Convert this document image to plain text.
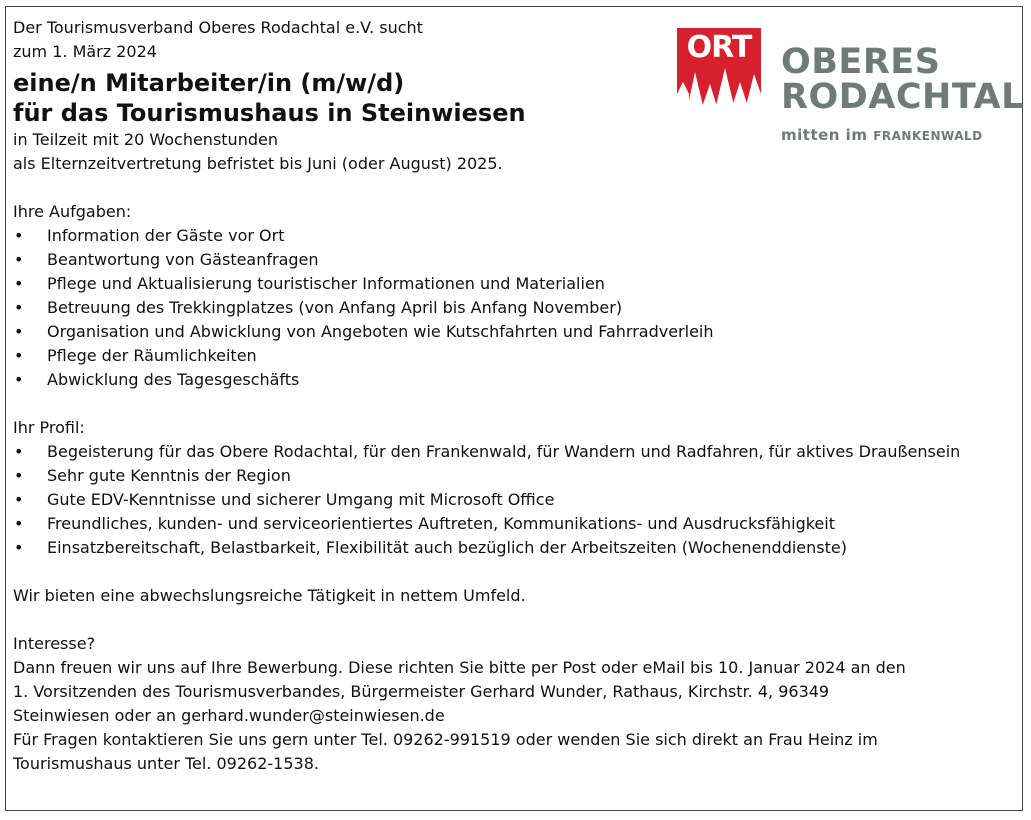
ORT OBERES
RODACHTAL
mitten im FRANKENWALD

Der Tourismusverband Oberes Rodachtal e.V. sucht

zum 1. März 2024

eine/n Mitarbeiter/in (m/w/d)
für das Tourismushaus in Steinwiesen

in Teilzeit mit 20 Wochenstunden

als Elternzeitvertretung befristet bis Juni (oder August) 2025.

Ihre Aufgaben:

• Information der Gäste vor Ort
• Beantwortung von Gästeanfragen
• Pflege und Aktualisierung touristischer Informationen und Materialien
• Betreuung des Trekkingplatzes (von Anfang April bis Anfang November)
• Organisation und Abwicklung von Angeboten wie Kutschfahrten und Fahrradverleih
• Pflege der Räumlichkeiten
• Abwicklung des Tagesgeschäfts

Ihr Profil:

• Begeisterung für das Obere Rodachtal, für den Frankenwald, für Wandern und Radfahren, für aktives Draußensein
• Sehr gute Kenntnis der Region
• Gute EDV-Kenntnisse und sicherer Umgang mit Microsoft Office
• Freundliches, kunden- und serviceorientiertes Auftreten, Kommunikations- und Ausdrucksfähigkeit
• Einsatzbereitschaft, Belastbarkeit, Flexibilität auch bezüglich der Arbeitszeiten (Wochenenddienste)

Wir bieten eine abwechslungsreiche Tätigkeit in nettem Umfeld.

Interesse?

Dann freuen wir uns auf Ihre Bewerbung. Diese richten Sie bitte per Post oder eMail bis 10. Januar 2024 an den

1. Vorsitzenden des Tourismusverbandes, Bürgermeister Gerhard Wunder, Rathaus, Kirchstr. 4, 96349

Steinwiesen oder an gerhard.wunder@steinwiesen.de

Für Fragen kontaktieren Sie uns gern unter Tel. 09262-991519 oder wenden Sie sich direkt an Frau Heinz im

Tourismushaus unter Tel. 09262-1538.
